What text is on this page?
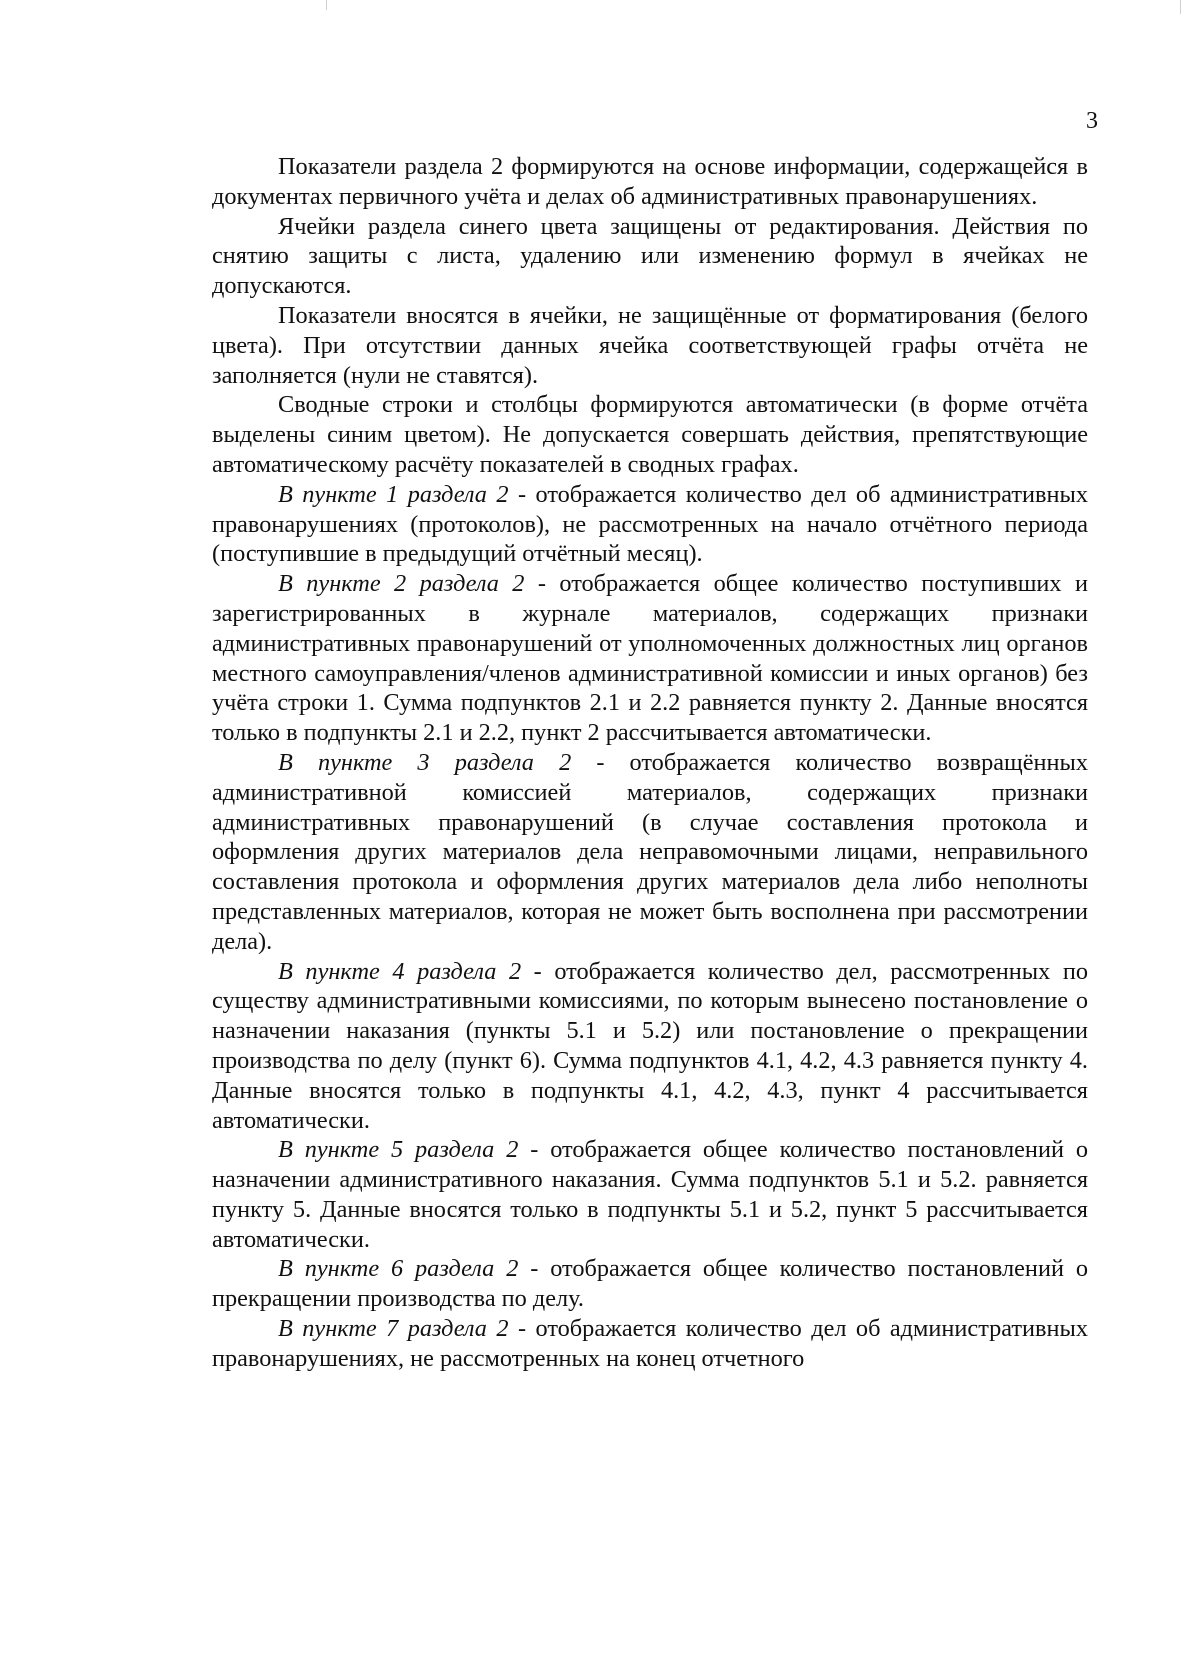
3

Показатели раздела 2 формируются на основе информации, содержащейся в документах первичного учёта и делах об административных правонарушениях.

Ячейки раздела синего цвета защищены от редактирования. Действия по снятию защиты с листа, удалению или изменению формул в ячейках не допускаются.

Показатели вносятся в ячейки, не защищённые от форматирования (белого цвета). При отсутствии данных ячейка соответствующей графы отчёта не заполняется (нули не ставятся).

Сводные строки и столбцы формируются автоматически (в форме отчёта выделены синим цветом). Не допускается совершать действия, препятствующие автоматическому расчёту показателей в сводных графах.

В пункте 1 раздела 2 - отображается количество дел об административных правонарушениях (протоколов), не рассмотренных на начало отчётного периода (поступившие в предыдущий отчётный месяц).

В пункте 2 раздела 2 - отображается общее количество поступивших и зарегистрированных в журнале материалов, содержащих признаки административных правонарушений от уполномоченных должностных лиц органов местного самоуправления/членов административной комиссии и иных органов) без учёта строки 1. Сумма подпунктов 2.1 и 2.2 равняется пункту 2. Данные вносятся только в подпункты 2.1 и 2.2, пункт 2 рассчитывается автоматически.

В пункте 3 раздела 2 - отображается количество возвращённых административной комиссией материалов, содержащих признаки административных правонарушений (в случае составления протокола и оформления других материалов дела неправомочными лицами, неправильного составления протокола и оформления других материалов дела либо неполноты представленных материалов, которая не может быть восполнена при рассмотрении дела).

В пункте 4 раздела 2 - отображается количество дел, рассмотренных по существу административными комиссиями, по которым вынесено постановление о назначении наказания (пункты 5.1 и 5.2) или постановление о прекращении производства по делу (пункт 6). Сумма подпунктов 4.1, 4.2, 4.3 равняется пункту 4. Данные вносятся только в подпункты 4.1, 4.2, 4.3, пункт 4 рассчитывается автоматически.

В пункте 5 раздела 2 - отображается общее количество постановлений о назначении административного наказания. Сумма подпунктов 5.1 и 5.2. равняется пункту 5. Данные вносятся только в подпункты 5.1 и 5.2, пункт 5 рассчитывается автоматически.

В пункте 6 раздела 2 - отображается общее количество постановлений о прекращении производства по делу.

В пункте 7 раздела 2 - отображается количество дел об административных правонарушениях, не рассмотренных на конец отчетного
